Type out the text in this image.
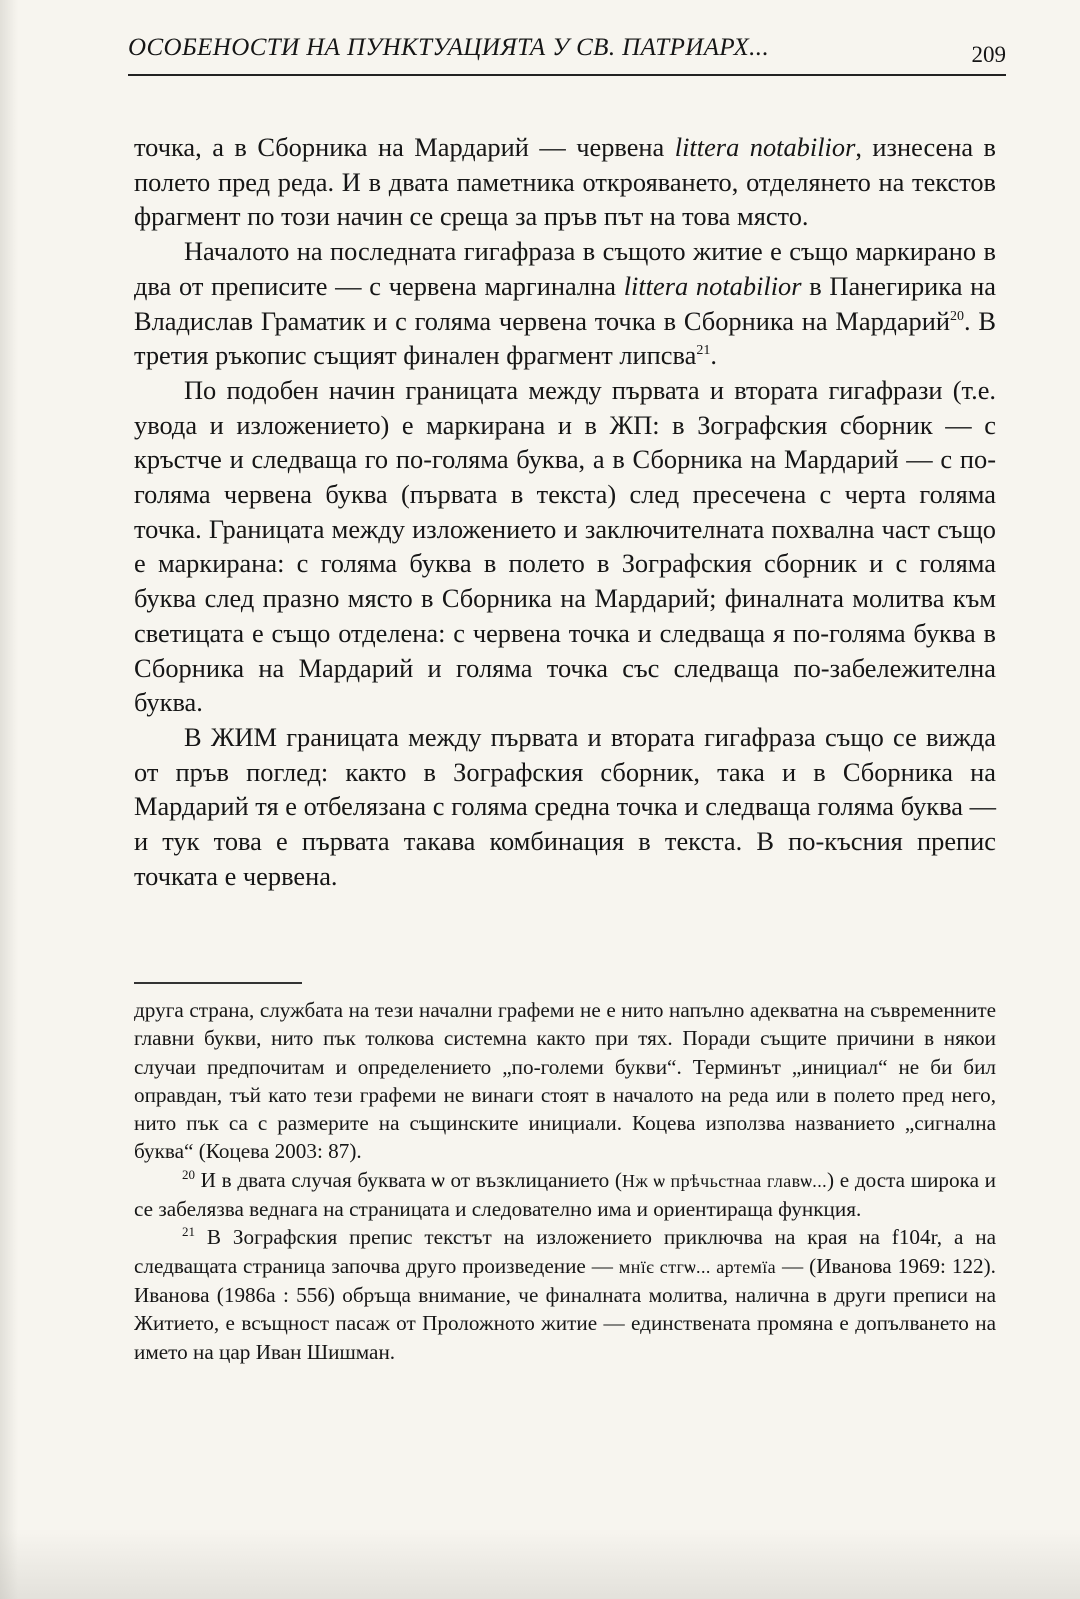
ОСОБЕНОСТИ НА ПУНКТУАЦИЯТА У СВ. ПАТРИАРХ...	209

точка, а в Сборника на Мардарий — червена littera notabilior, изнесена в полето пред реда. И в двата паметника открояването, отделянето на текстов фрагмент по този начин се среща за пръв път на това място.

Началото на последната гигафраза в същото житие е също маркирано в два от преписите — с червена маргинална littera notabilior в Панегирика на Владислав Граматик и с голяма червена точка в Сборника на Мардарий$^{20}$. В третия ръкопис същият финален фрагмент липсва$^{21}$.

По подобен начин границата между първата и втората гигафрази (т.е. увода и изложението) е маркирана и в ЖП: в Зографския сборник — с кръстче и следваща го по-голяма буква, а в Сборника на Мардарий — с по-голяма червена буква (първата в текста) след пресечена с черта голяма точка. Границата между изложението и заключителната похвална част също е маркирана: с голяма буква в полето в Зографския сборник и с голяма буква след празно място в Сборника на Мардарий; финалната молитва към светицата е също отделена: с червена точка и следваща я по-голяма буква в Сборника на Мардарий и голяма точка със следваща по-забележителна буква.

В ЖИМ границата между първата и втората гигафраза също се вижда от пръв поглед: както в Зографския сборник, така и в Сборника на Мардарий тя е отбелязана с голяма средна точка и следваща голяма буква — и тук това е първата такава комбинация в текста. В по-късния препис точката е червена.

друга страна, службата на тези начални графеми не е нито напълно адекватна на съвременните главни букви, нито пък толкова системна както при тях. Поради същите причини в някои случаи предпочитам и определението „по-големи букви“. Терминът „инициал“ не би бил оправдан, тъй като тези графеми не винаги стоят в началото на реда или в полето пред него, нито пък са с размерите на същинските инициали. Коцева използва названието „сигнална буква“ (Коцева 2003: 87).

$^{20}$ И в двата случая буквата ѡ от възклицанието (Нж ѡ прѣчьстнаа главѡ...) е доста широка и се забелязва веднага на страницата и следователно има и ориентираща функция.

$^{21}$ В Зографския препис текстът на изложението приключва на края на f104r, а на следващата страница започва друго произведение — мнїє стгѡ... артемїа — (Иванова 1969: 122). Иванова (1986а : 556) обръща внимание, че финалната молитва, налична в други преписи на Житието, е всъщност пасаж от Проложното житие — единствената промяна е допълването на името на цар Иван Шишман.
